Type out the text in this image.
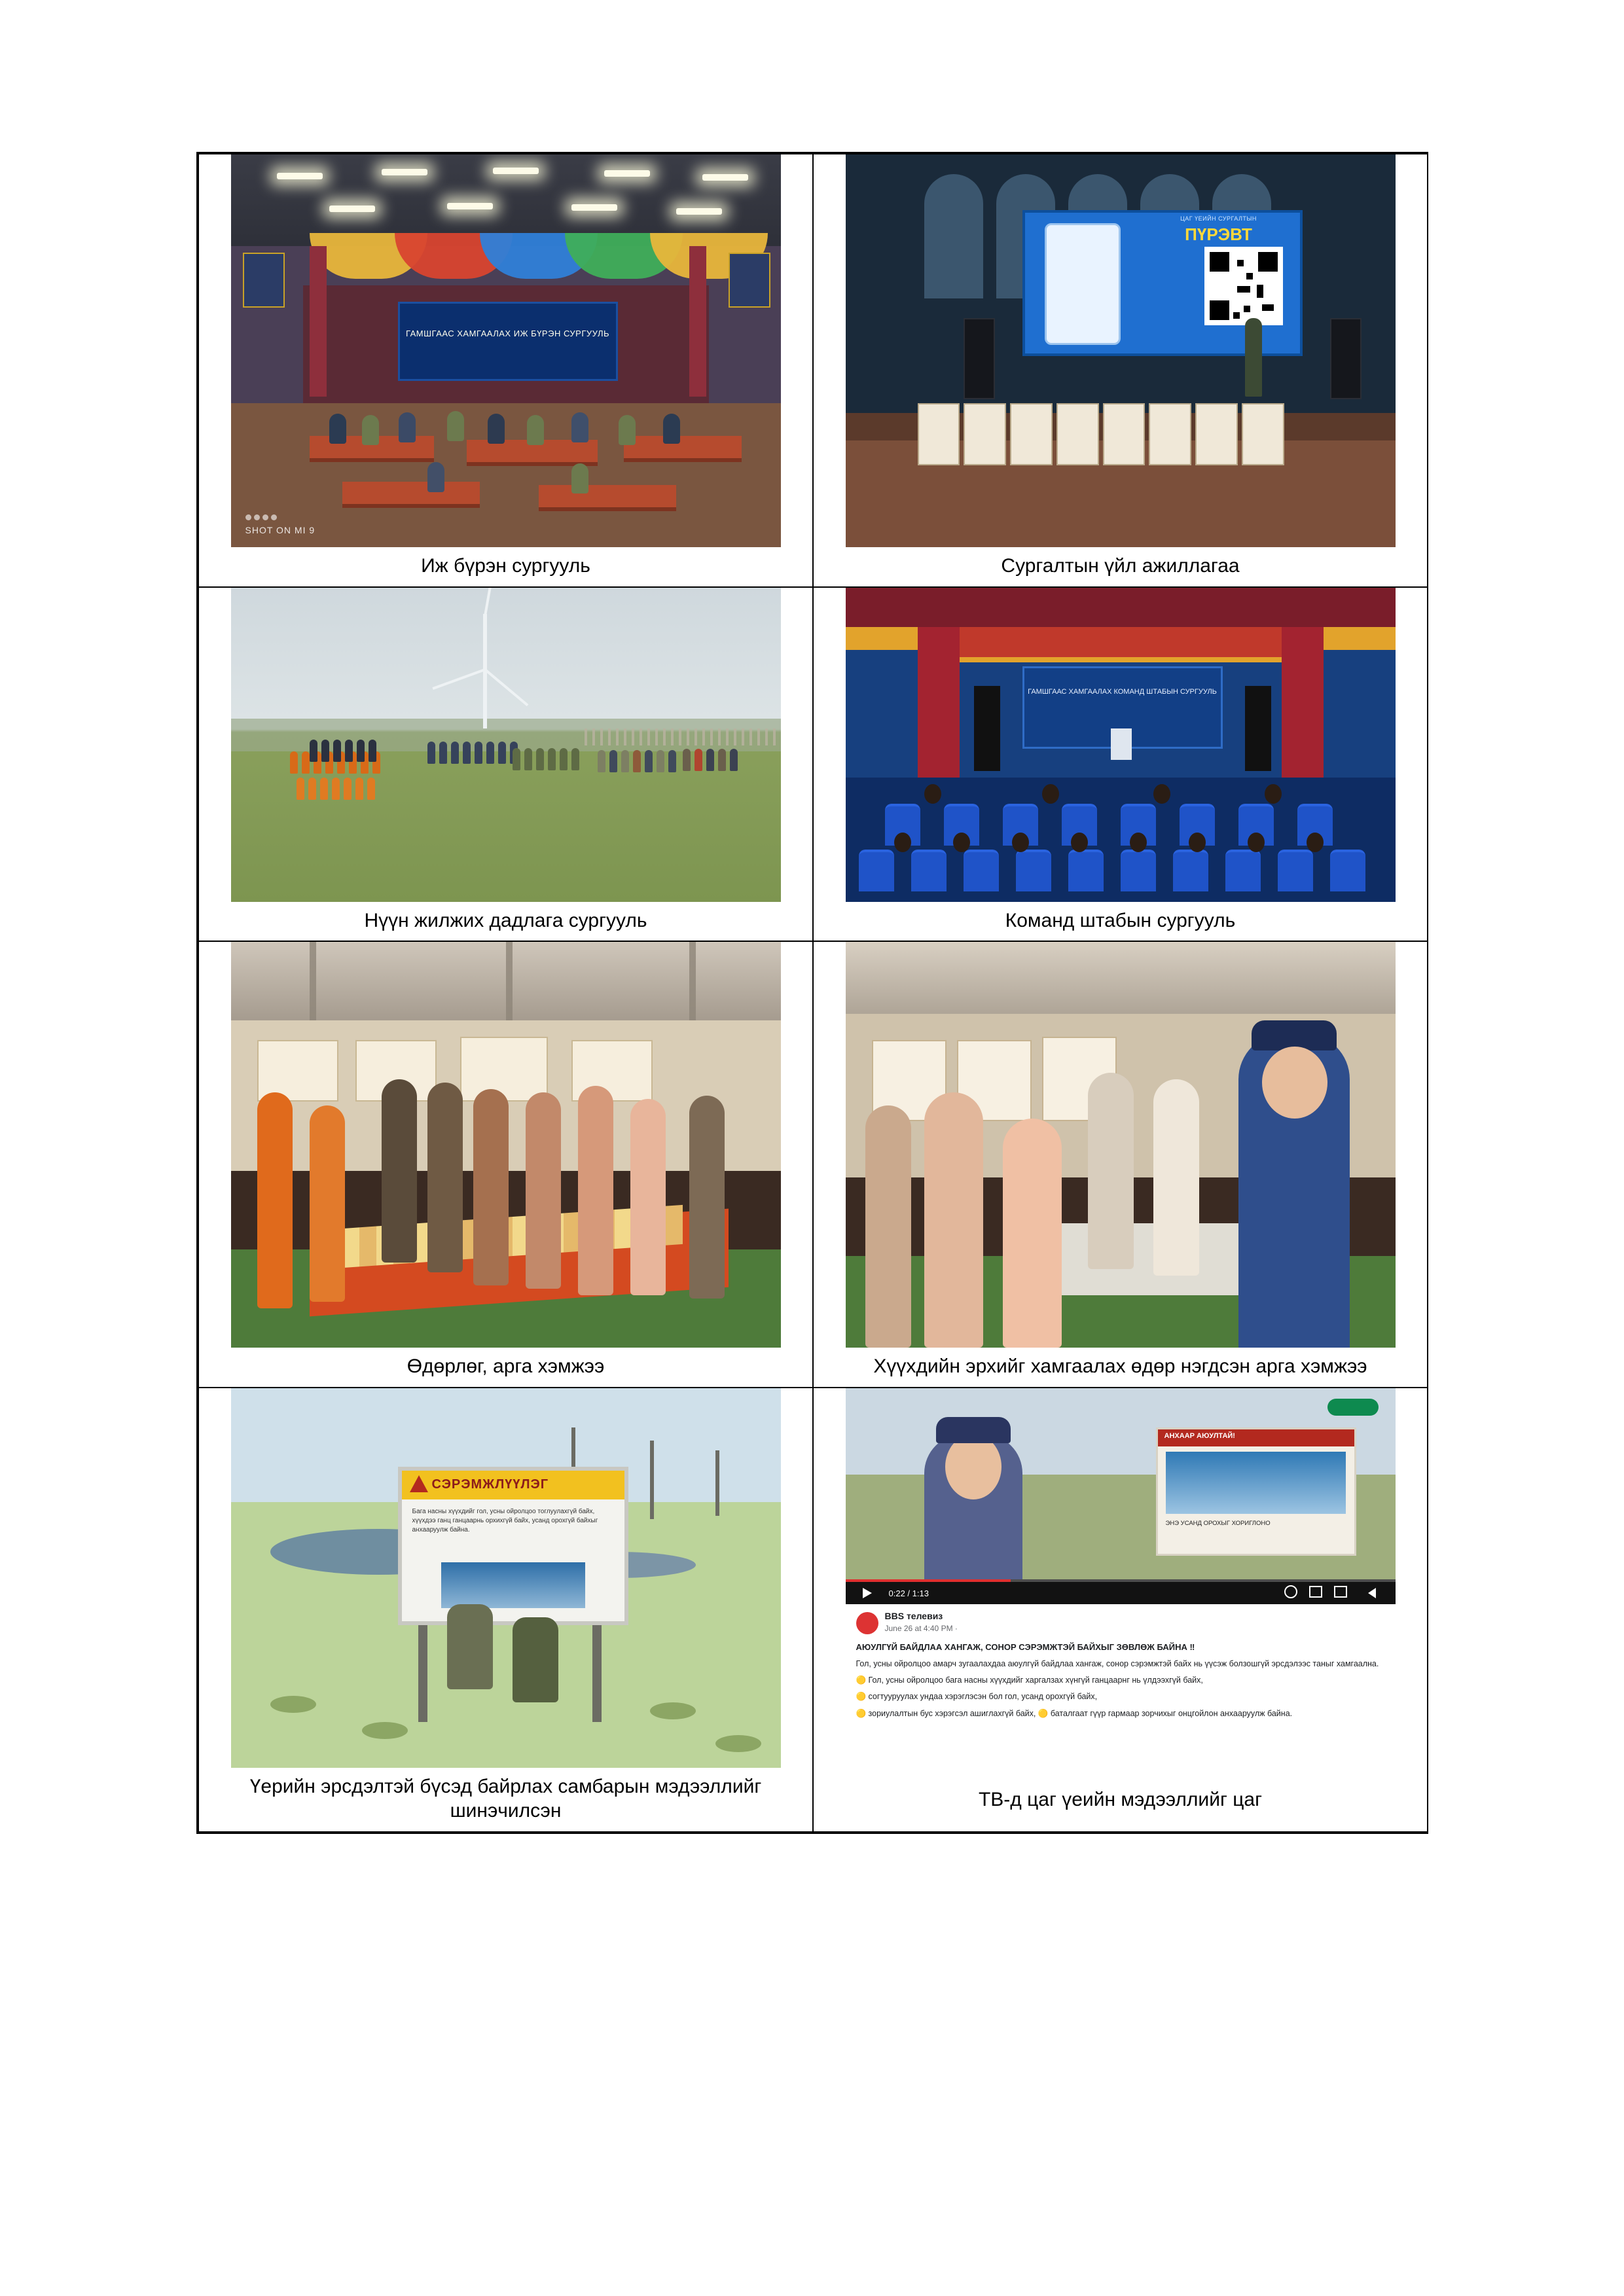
ГАМШГААС ХАМГААЛАХ ИЖ БҮРЭН СУРГУУЛЬ
SHOT ON MI 9
Иж бүрэн сургууль

ЦАГ ҮЕИЙН СУРГАЛТЫН
ПҮРЭВТ
Сургалтын үйл ажиллагаа

Нүүн жилжих дадлага сургууль	ГАМШГААС ХАМГААЛАХ КОМАНД ШТАБЫН СУРГУУЛЬ
Команд штабын сургууль

Өдөрлөг, арга хэмжээ	Хүүхдийн эрхийг хамгаалах өдөр нэгдсэн арга хэмжээ

СЭРЭМЖЛҮҮЛЭГ
Бага насны хүүхдийг гол, усны ойролцоо тоглуулахгүй байх, хүүхдээ ганц ганцаарнь орхихгүй байх, усанд орохгүй байхыг анхааруулж байна.
Үерийн эрсдэлтэй бүсэд байрлах самбарын мэдээллийг шинэчилсэн

АНХААР АЮУЛТАЙ!
ЭНЭ УСАНД ОРОХЫГ ХОРИГЛОНО
0:22 / 1:13
BBS телевиз
June 26 at 4:40 PM ·
АЮУЛГҮЙ БАЙДЛАА ХАНГАЖ, СОНОР СЭРЭМЖТЭЙ БАЙХЫГ ЗӨВЛӨЖ БАЙНА ‼
Гол, усны ойролцоо амарч зугаалахдаа аюулгүй байдлаа хангаж, сонор сэрэмжтэй байх нь үүсэж болзошгүй эрсдэлээс таныг хамгаална.
🟡 Гол, усны ойролцоо бага насны хүүхдийг харгалзах хүнгүй ганцаарнг нь үлдээхгүй байх,
🟡 согтууруулах ундаа хэрэглэсэн бол гол, усанд орохгүй байх,
🟡 зориулалтын бус хэрэгсэл ашиглахгүй байх, 🟡 баталгаат гүүр гармаар зорчихыг онцгойлон анхааруулж байна.
ТВ-д цаг үеийн мэдээллийг цаг
